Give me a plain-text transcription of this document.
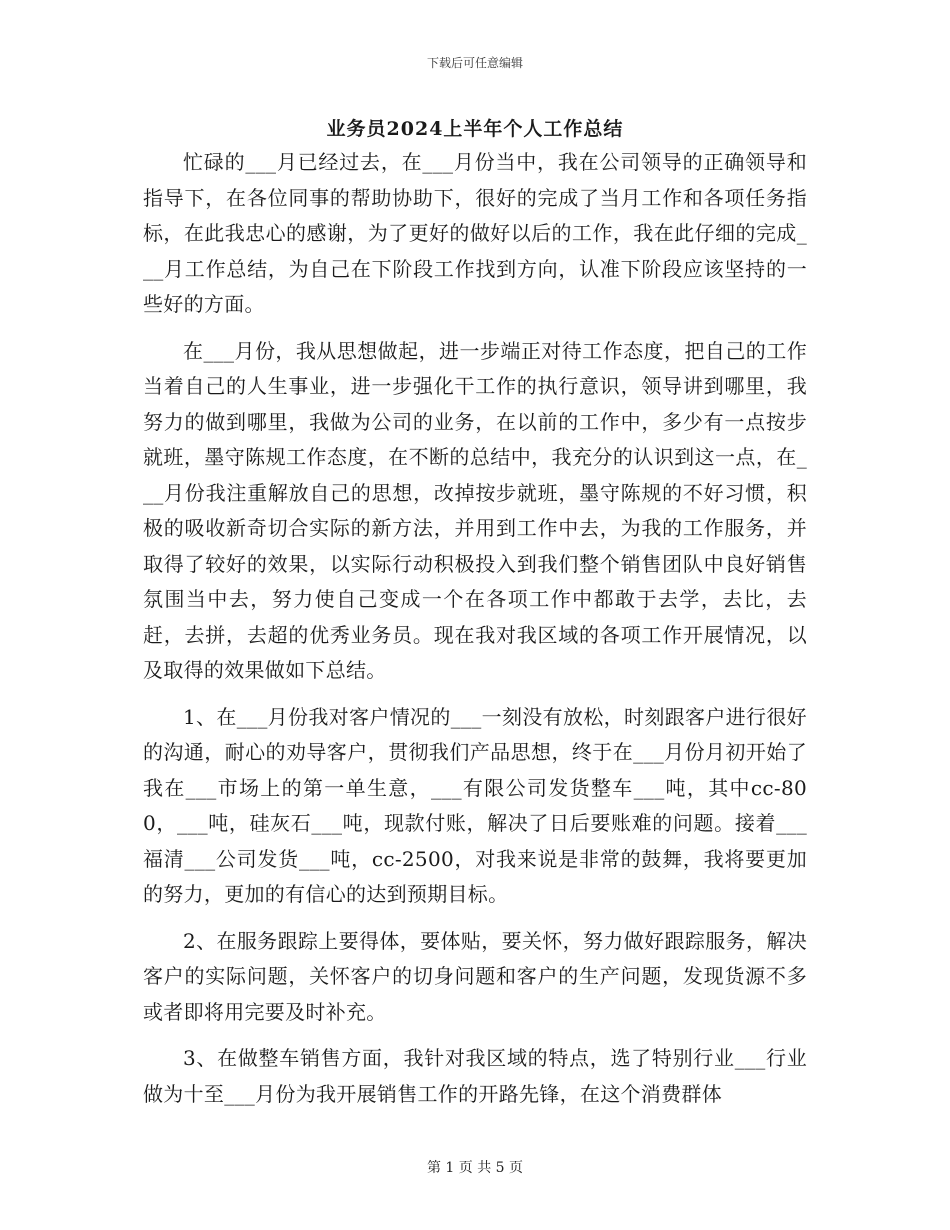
下载后可任意编辑
业务员2024上半年个人工作总结

忙碌的___月已经过去，在___月份当中，我在公司领导的正确领导和指导下，在各位同事的帮助协助下，很好的完成了当月工作和各项任务指标，在此我忠心的感谢，为了更好的做好以后的工作，我在此仔细的完成___月工作总结，为自己在下阶段工作找到方向，认准下阶段应该坚持的一些好的方面。

在___月份，我从思想做起，进一步端正对待工作态度，把自己的工作当着自己的人生事业，进一步强化干工作的执行意识，领导讲到哪里，我努力的做到哪里，我做为公司的业务，在以前的工作中，多少有一点按步就班，墨守陈规工作态度，在不断的总结中，我充分的认识到这一点，在___月份我注重解放自己的思想，改掉按步就班，墨守陈规的不好习惯，积极的吸收新奇切合实际的新方法，并用到工作中去，为我的工作服务，并取得了较好的效果，以实际行动积极投入到我们整个销售团队中良好销售氛围当中去，努力使自己变成一个在各项工作中都敢于去学，去比，去赶，去拼，去超的优秀业务员。现在我对我区域的各项工作开展情况，以及取得的效果做如下总结。

1、在___月份我对客户情况的___一刻没有放松，时刻跟客户进行很好的沟通，耐心的劝导客户，贯彻我们产品思想，终于在___月份月初开始了我在___市场上的第一单生意，___有限公司发货整车___吨，其中cc-800，___吨，硅灰石___吨，现款付账，解决了日后要账难的问题。接着___福清___公司发货___吨，cc-2500，对我来说是非常的鼓舞，我将要更加的努力，更加的有信心的达到预期目标。

2、在服务跟踪上要得体，要体贴，要关怀，努力做好跟踪服务，解决客户的实际问题，关怀客户的切身问题和客户的生产问题，发现货源不多或者即将用完要及时补充。

3、在做整车销售方面，我针对我区域的特点，选了特别行业___行业做为十至___月份为我开展销售工作的开路先锋，在这个消费群体

第 1 页 共 5 页
